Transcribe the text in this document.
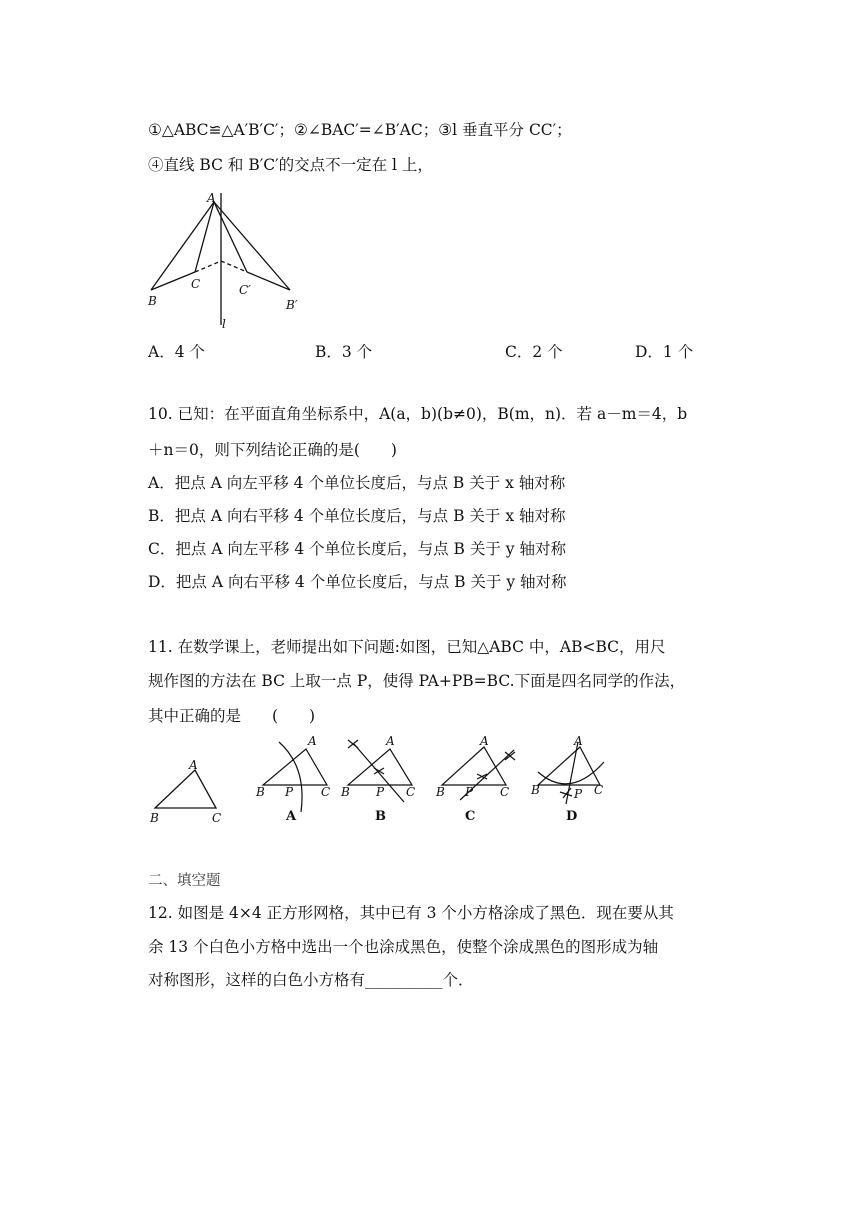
①△ABC≌△A′B′C′；②∠BAC′=∠B′AC；③l 垂直平分 CC′；
④直线 BC 和 B′C′的交点不一定在 l 上，
A
B
C	C′
B′
l
A．4 个	B．3 个	C．2 个	D．1 个
10. 已知：在平面直角坐标系中，A(a，b)(b≠0)，B(m，n)．若 a－m＝4，b
＋n＝0，则下列结论正确的是(　　)
A．把点 A 向左平移 4 个单位长度后，与点 B 关于 x 轴对称
B．把点 A 向右平移 4 个单位长度后，与点 B 关于 x 轴对称
C．把点 A 向左平移 4 个单位长度后，与点 B 关于 y 轴对称
D．把点 A 向右平移 4 个单位长度后，与点 B 关于 y 轴对称
11. 在数学课上，老师提出如下问题:如图，已知△ABC 中，AB<BC，用尺
规作图的方法在 BC 上取一点 P，使得 PA+PB=BC.下面是四名同学的作法，
其中正确的是　　(　　)
A
B	C
A
B P C
A
A
B P C
B
A
B P C
C
A
B	P C
D
二、填空题
12. 如图是 4×4 正方形网格，其中已有 3 个小方格涂成了黑色．现在要从其
余 13 个白色小方格中选出一个也涂成黑色，使整个涂成黑色的图形成为轴
对称图形，这样的白色小方格有__________个．
